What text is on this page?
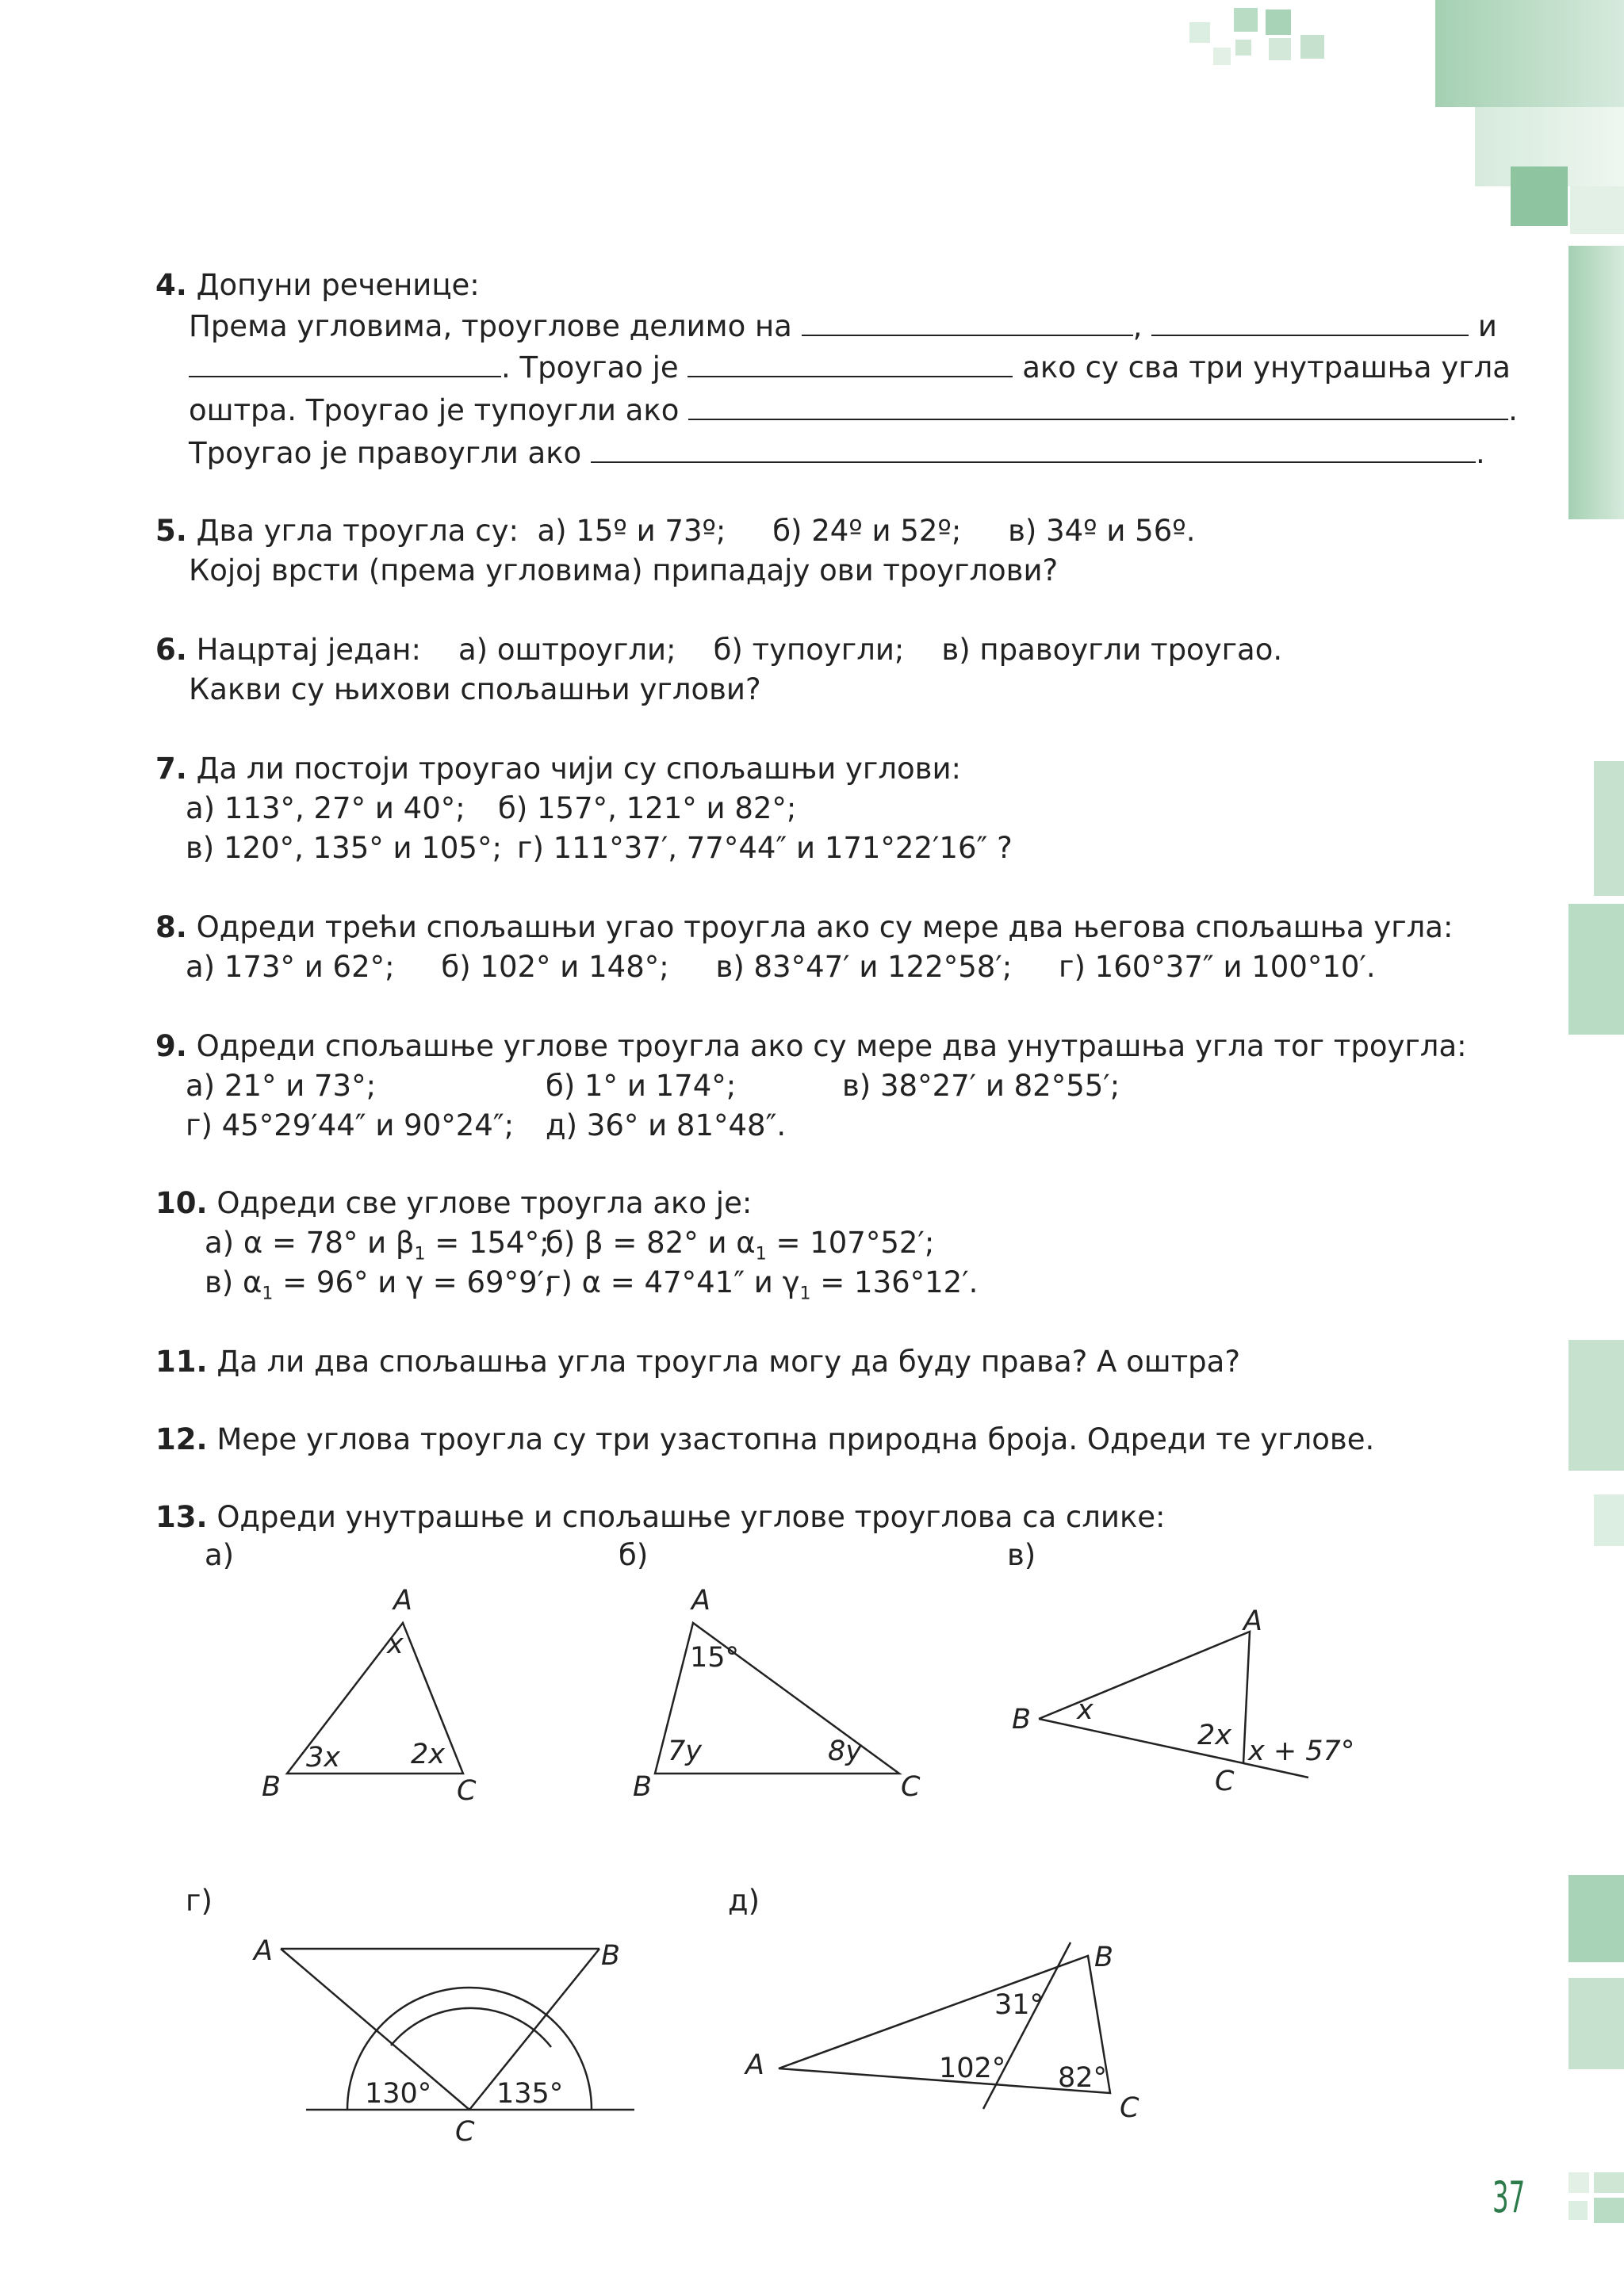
4. Допуни реченице:
Према угловима, троуглове делимо на	,	и
. Троугао је	ако су сва три унутрашња угла
оштра. Троугао је тупоугли ако	.
Троугао је правоугли ако	.
5. Два угла троугла су:  а) 15º и 73º;     б) 24º и 52º;     в) 34º и 56º.
Којој врсти (према угловима) припадају ови троуглови?
6. Нацртај један:    а) оштроугли;    б) тупоугли;    в) правоугли троугао.
Какви су њихови спољашњи углови?
7. Да ли постоји троугао чији су спољашњи углови:
а) 113°, 27° и 40°; б) 157°, 121° и 82°;
в) 120°, 135° и 105°; г) 111°37′, 77°44″ и 171°22′16″ ?
8. Одреди трећи спољашњи угао троугла ако су мере два његова спољашња угла:
а) 173° и 62°;     б) 102° и 148°;     в) 83°47′ и 122°58′;     г) 160°37″ и 100°10′.
9. Одреди спољашње углове троугла ако су мере два унутрашња угла тог троугла:
а) 21° и 73°;	б) 1° и 174°;	в) 38°27′ и 82°55′;
г) 45°29′44″ и 90°24″; д) 36° и 81°48″.
10. Одреди све углове троугла ако је:
а) α = 78° и $\beta_1 = 154^\circ$;
б) β = 82° и $\alpha_1 = 107^\circ 52'$;
в) $\alpha_1 = 96^\circ$ и γ = 69°9′;
г) α = 47°41″ и $\gamma_1 = 136^\circ 12'$.
11. Да ли два спољашња угла троугла могу да буду права? А оштра?
12. Мере углова троугла су три узастопна природна броја. Одреди те углове.
13. Одреди унутрашње и спољашње углове троуглова са слике:
а)	б)	в)
г)	д)
A
x
B
3x	2x
C
A
15°
B
7y	8y
C
A
B x
2x x + 57°
C
A	B
130° 135°
C
A
B
C
31°
102° 82°
37
